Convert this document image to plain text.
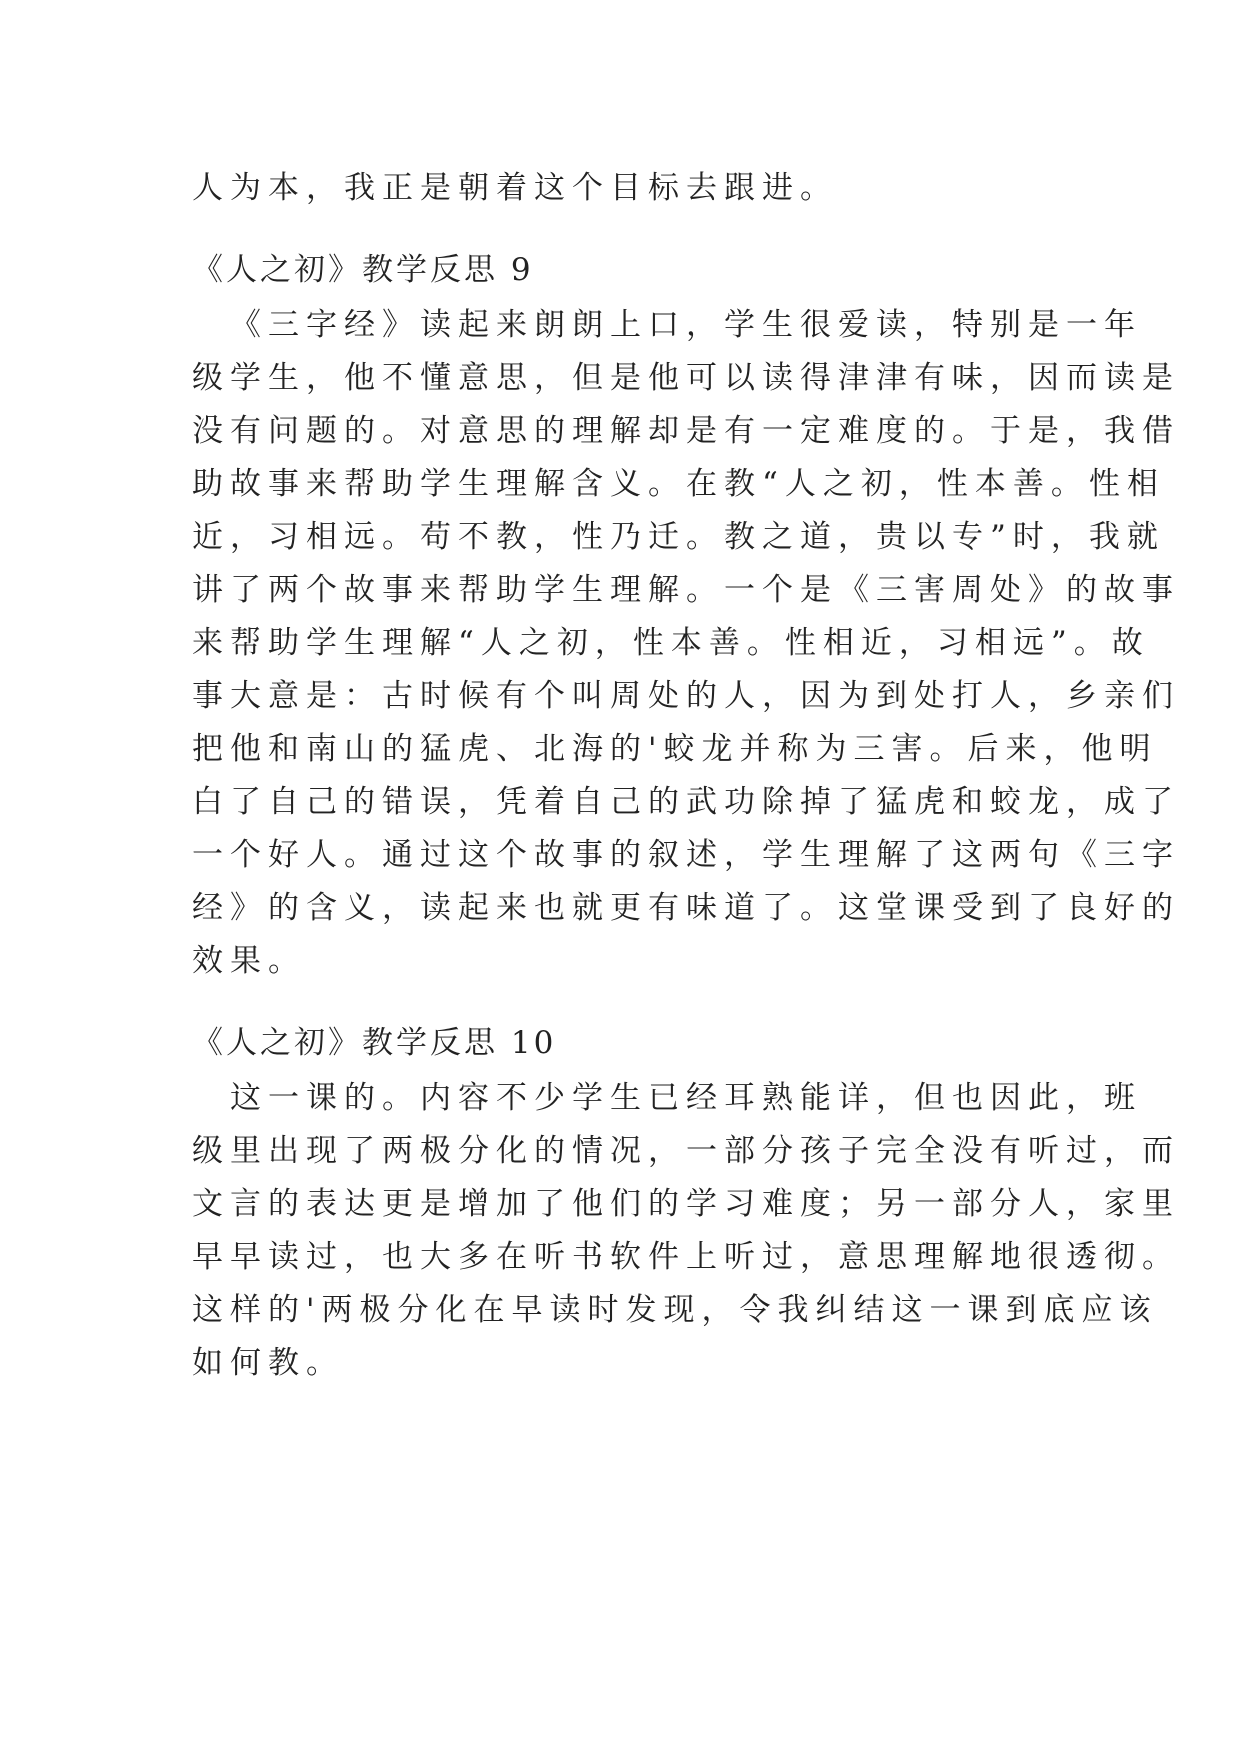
人为本，我正是朝着这个目标去跟进。
《人之初》教学反思 9
《三字经》读起来朗朗上口，学生很爱读，特别是一年
级学生，他不懂意思，但是他可以读得津津有味，因而读是
没有问题的。对意思的理解却是有一定难度的。于是，我借
助故事来帮助学生理解含义。在教“人之初，性本善。性相
近，习相远。苟不教，性乃迁。教之道，贵以专”时，我就
讲了两个故事来帮助学生理解。一个是《三害周处》的故事
来帮助学生理解“人之初，性本善。性相近，习相远”。故
事大意是：古时候有个叫周处的人，因为到处打人，乡亲们
把他和南山的猛虎、北海的'蛟龙并称为三害。后来，他明
白了自己的错误，凭着自己的武功除掉了猛虎和蛟龙，成了
一个好人。通过这个故事的叙述，学生理解了这两句《三字
经》的含义，读起来也就更有味道了。这堂课受到了良好的
效果。
《人之初》教学反思 10
这一课的。内容不少学生已经耳熟能详，但也因此，班
级里出现了两极分化的情况，一部分孩子完全没有听过，而
文言的表达更是增加了他们的学习难度；另一部分人，家里
早早读过，也大多在听书软件上听过，意思理解地很透彻。
这样的'两极分化在早读时发现，令我纠结这一课到底应该
如何教。
